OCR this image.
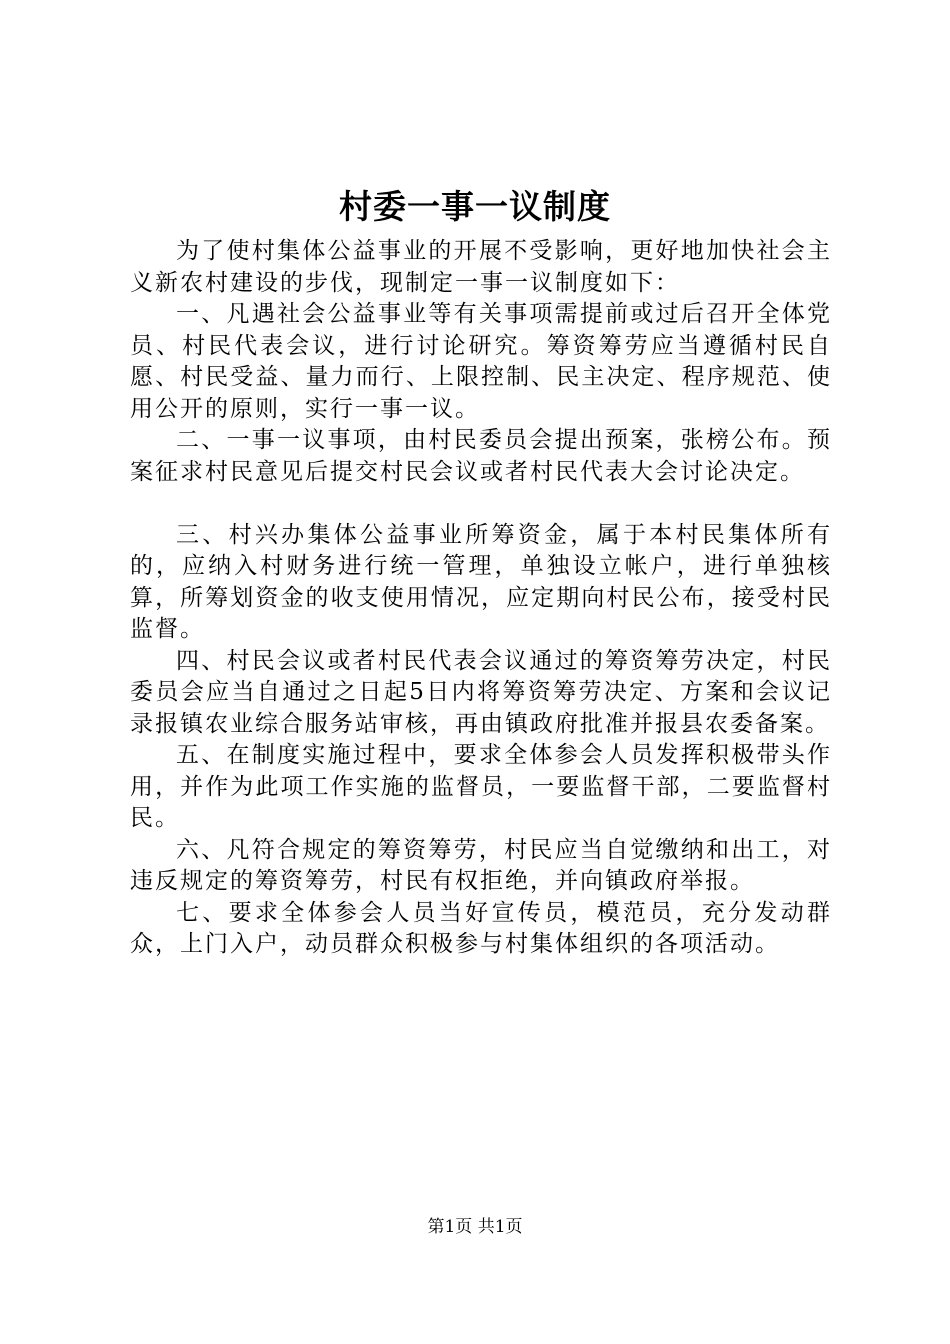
村委一事一议制度

为了使村集体公益事业的开展不受影响，更好地加快社会主义新农村建设的步伐，现制定一事一议制度如下：

一、凡遇社会公益事业等有关事项需提前或过后召开全体党员、村民代表会议，进行讨论研究。筹资筹劳应当遵循村民自愿、村民受益、量力而行、上限控制、民主决定、程序规范、使用公开的原则，实行一事一议。

二、一事一议事项，由村民委员会提出预案，张榜公布。预案征求村民意见后提交村民会议或者村民代表大会讨论决定。

三、村兴办集体公益事业所筹资金，属于本村民集体所有的，应纳入村财务进行统一管理，单独设立帐户，进行单独核算，所筹划资金的收支使用情况，应定期向村民公布，接受村民监督。

四、村民会议或者村民代表会议通过的筹资筹劳决定，村民委员会应当自通过之日起5日内将筹资筹劳决定、方案和会议记录报镇农业综合服务站审核，再由镇政府批准并报县农委备案。

五、在制度实施过程中，要求全体参会人员发挥积极带头作用，并作为此项工作实施的监督员，一要监督干部，二要监督村民。

六、凡符合规定的筹资筹劳，村民应当自觉缴纳和出工，对违反规定的筹资筹劳，村民有权拒绝，并向镇政府举报。

七、要求全体参会人员当好宣传员，模范员，充分发动群众，上门入户，动员群众积极参与村集体组织的各项活动。

第1页 共1页
